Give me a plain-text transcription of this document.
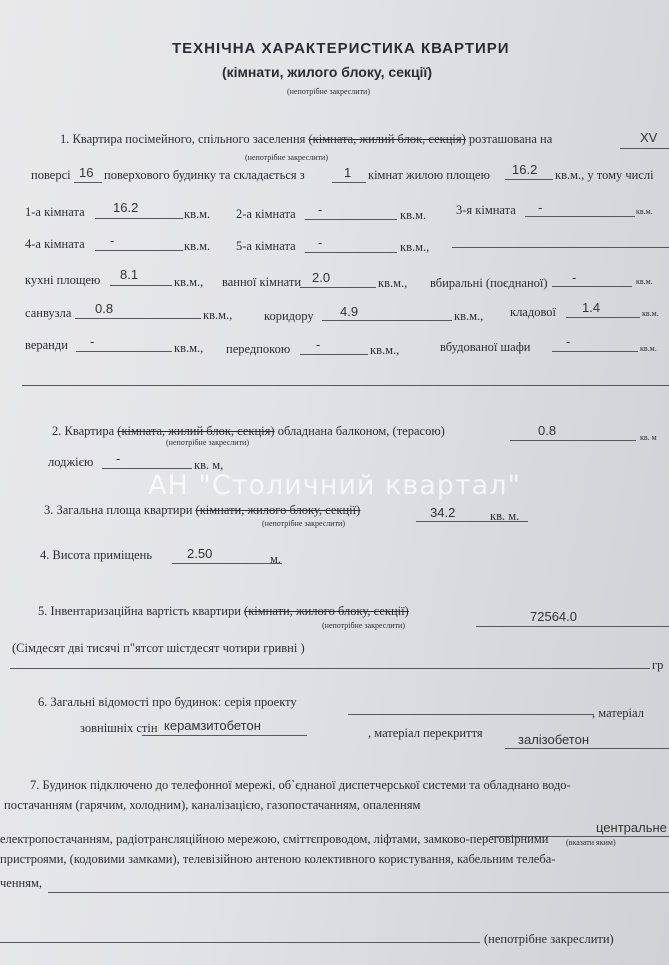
ТЕХНІЧНА ХАРАКТЕРИСТИКА КВАРТИРИ
(кімнати, жилого блоку, секції)
(непотрібне закреслити)
1. Квартира посімейного, спільного заселення (кімната, жилий блок, секція) розташована на	XV
(непотрібне закреслити)
поверсі 16 поверхового будинку та складається з	1 кімнат жилою площею 16.2 кв.м., у тому числі
1-а кімната 16.2	кв.м. 2-а кімната -	кв.м. 3-я кімната -	кв.м.
4-а кімната -	кв.м. 5-а кімната -	кв.м.,
кухні площею 8.1	кв.м., ванної кімнати 2.0	кв.м., вбиральні (поєднаної) -	кв.м.
санвузла 0.8	кв.м.,	коридору 4.9	кв.м., кладової 1.4	кв.м.
веранди -	кв.м., передпокою -	кв.м.,	вбудованої шафи	-	кв.м.
2. Квартира (кімната, жилий блок, секція) обладнана балконом, (терасою)	0.8	кв. м
(непотрібне закреслити)
лоджією -	кв. м,
АН "Столичний квартал"
3. Загальна площа квартири (кімнати, жилого блоку, секції)	34.2	кв. м.
(непотрібне закреслити)
4. Висота приміщень	2.50	м.
5. Інвентаризаційна вартість квартири (кімнати, жилого блоку, секції)	72564.0
(непотрібне закреслити)
(Сімдесят дві тисячі п"ятсот шістдесят чотири гривні )
гр
6. Загальні відомості про будинок: серія проекту
, матеріал
зовнішніх стін керамзитобетон	, матеріал перекриття	залізобетон
7. Будинок підключено до телефонної мережі, об`єднаної диспетчерської системи та обладнано водо-
постачанням (гарячим, холодним), каналізацією, газопостачанням, опаленням
центральне
(вказати яким)
електропостачанням, радіотрансляційною мережою, сміттєпроводом, ліфтами, замково-переговірними
пристроями, (кодовими замками), телевізійною антеною колективного користування, кабельним телеба-
ченням,
(непотрібне закреслити)
